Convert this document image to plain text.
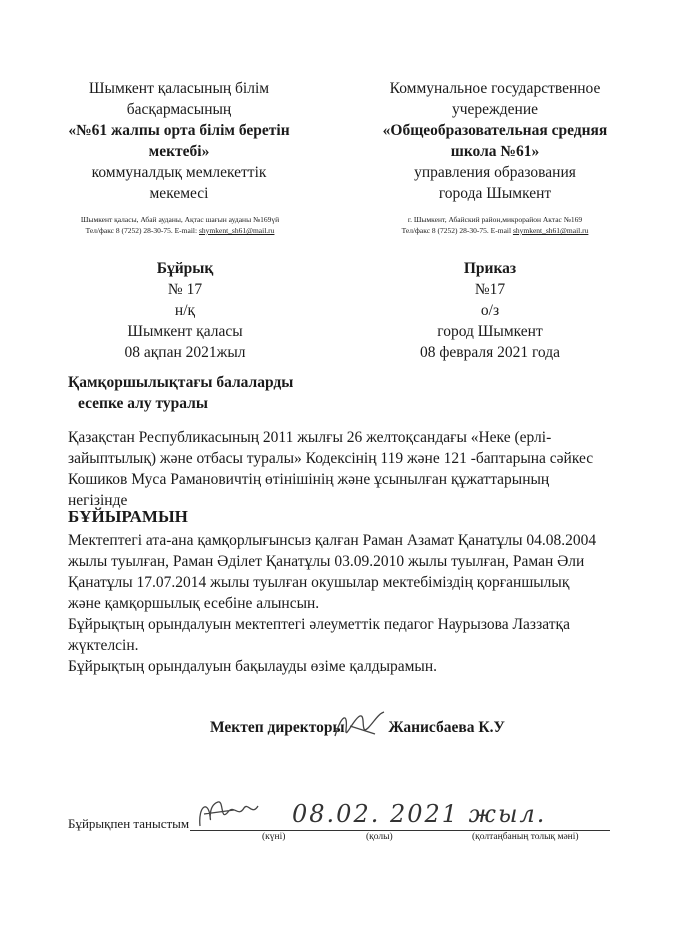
Шымкент қаласының білім
басқармасының
«№61 жалпы орта білім беретін
мектебі»
коммуналдық мемлекеттік
мекемесі
Шымкент қаласы, Абай ауданы, Ақтас шағын ауданы №169үй
Тел/факс 8 (7252) 28-30-75. E-mail: shymkent_sh61@mail.ru
Коммунальное государственное
учереждение
«Общеобразовательная средняя
школа №61»
управления образования
города Шымкент
г. Шымкент, Абайский район,микрорайон Актас №169
Тел/факс 8 (7252) 28-30-75. E-mail shymkent_sh61@mail.ru
Бұйрық
№ 17
н/қ
Шымкент қаласы
08 ақпан 2021жыл
Приказ
№17
о/з
город Шымкент
08 февраля 2021 года
Қамқоршылықтағы балаларды
есепке алу туралы
Қазақстан Республикасының 2011 жылғы 26 желтоқсандағы «Неке (ерлі-
зайыптылық) және отбасы туралы» Кодексінің 119 және 121 -баптарына сәйкес
Кошиков Муса Рамановичтің өтінішінің және ұсынылған құжаттарының
негізінде
БҰЙЫРАМЫН
Мектептегі ата-ана қамқорлығынсыз қалған Раман Азамат Қанатұлы 04.08.2004
жылы туылған, Раман Әділет Қанатұлы 03.09.2010 жылы туылған, Раман Әли
Қанатұлы 17.07.2014 жылы туылған окушылар мектебіміздің қорғаншылық
және қамқоршылық есебіне алынсын.
Бұйрықтың орындалуын мектептегі әлеуметтік педагог Наурызова Лаззатқа
жүктелсін.
Бұйрықтың орындалуын бақылауды өзіме қалдырамын.
Мектеп директоры	Жанисбаева К.У
Бұйрықпен таныстым	08.02. 2021 жыл.
(күні)	(қолы)	(қолтаңбаның толық мәні)
